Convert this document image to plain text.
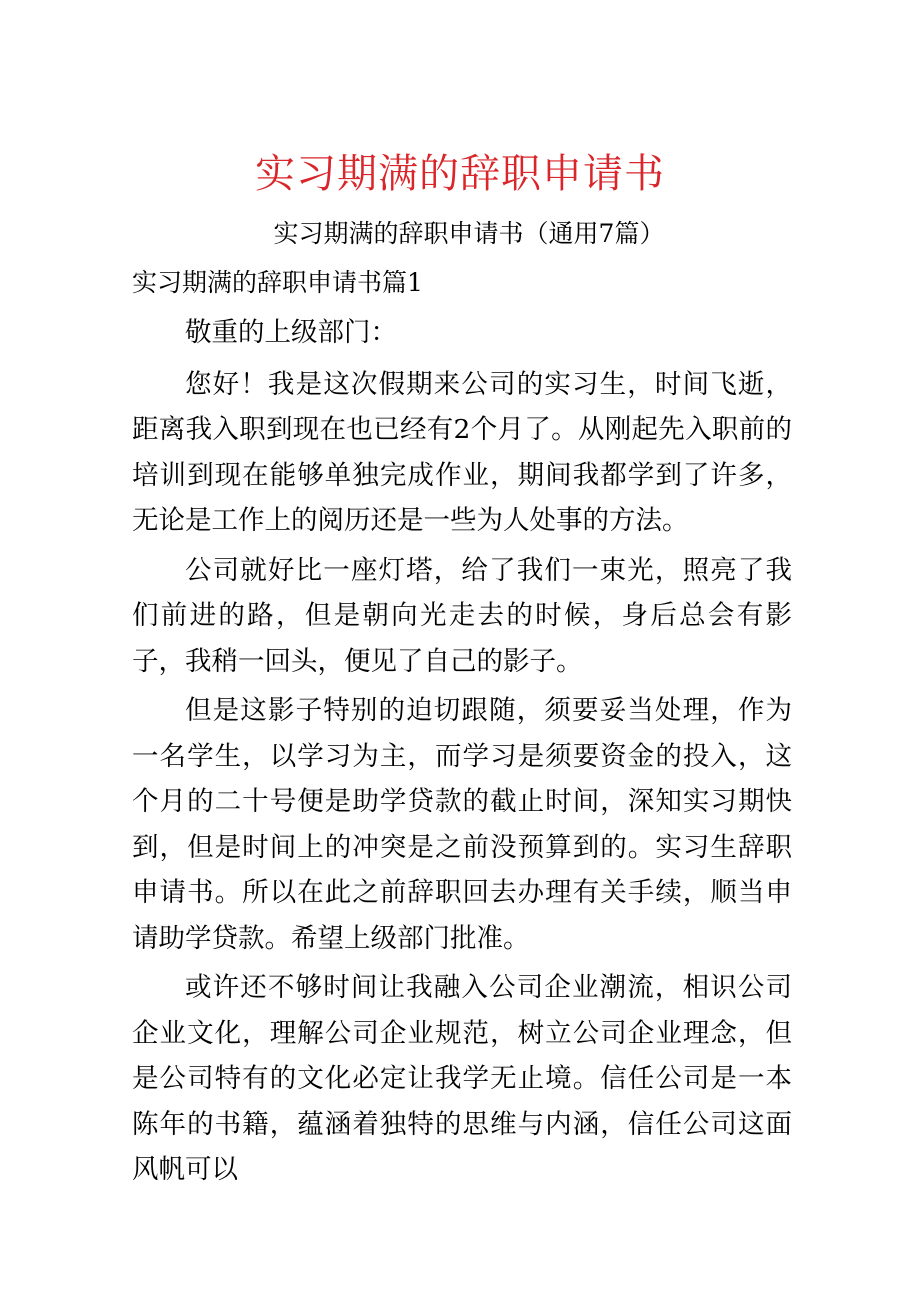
实习期满的辞职申请书
实习期满的辞职申请书（通用7篇）
实习期满的辞职申请书篇1

敬重的上级部门：

您好！我是这次假期来公司的实习生，时间飞逝，距离我入职到现在也已经有2个月了。从刚起先入职前的培训到现在能够单独完成作业，期间我都学到了许多，无论是工作上的阅历还是一些为人处事的方法。

公司就好比一座灯塔，给了我们一束光，照亮了我们前进的路，但是朝向光走去的时候，身后总会有影子，我稍一回头，便见了自己的影子。

但是这影子特别的迫切跟随，须要妥当处理，作为一名学生，以学习为主，而学习是须要资金的投入，这个月的二十号便是助学贷款的截止时间，深知实习期快到，但是时间上的冲突是之前没预算到的。实习生辞职申请书。所以在此之前辞职回去办理有关手续，顺当申请助学贷款。希望上级部门批准。

或许还不够时间让我融入公司企业潮流，相识公司企业文化，理解公司企业规范，树立公司企业理念，但是公司特有的文化必定让我学无止境。信任公司是一本陈年的书籍，蕴涵着独特的思维与内涵，信任公司这面风帆可以
